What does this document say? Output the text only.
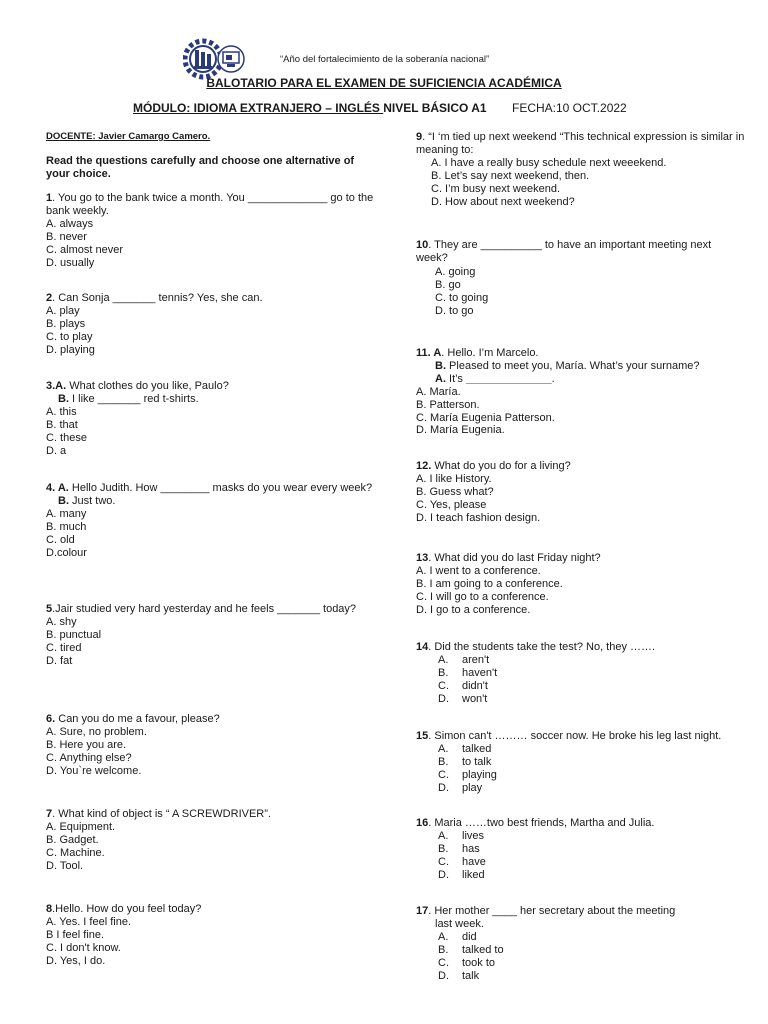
“Año del fortalecimiento de la soberanía nacional”
BALOTARIO PARA EL EXAMEN DE SUFICIENCIA ACADÉMICA
MÓDULO: IDIOMA EXTRANJERO – INGLÉS NIVEL BÁSICO A1 FECHA:10 OCT.2022
DOCENTE: Javier Camargo Camero.
Read the questions carefully and choose one alternative of your choice.
1. You go to the bank twice a month. You _____________ go to the bank weekly.
A. always
B. never
C. almost never
D. usually
2. Can Sonja _______ tennis? Yes, she can.
A. play
B. plays
C. to play
D. playing
3.A. What clothes do you like, Paulo?
B. I like _______ red t-shirts.
A. this
B. that
C. these
D. a
4. A. Hello Judith. How ________ masks do you wear every week?
B. Just two.
A. many
B. much
C. old
D.colour
5.Jair studied very hard yesterday and he feels _______ today?
A. shy
B. punctual
C. tired
D. fat
6. Can you do me a favour, please?
A. Sure, no problem.
B. Here you are.
C. Anything else?
D. You`re welcome.
7. What kind of object is “ A SCREWDRIVER”.
A. Equipment.
B. Gadget.
C. Machine.
D. Tool.
8.Hello. How do you feel today?
A. Yes. I feel fine.
B I feel fine.
C. I don't know.
D. Yes, I do.
9. “I ‘m tied up next weekend “This technical expression is similar in meaning to:
A. I have a really busy schedule next weeekend.
B. Let’s say next weekend, then.
C. I’m busy next weekend.
D. How about next weekend?
10. They are __________ to have an important meeting next week?
A. going
B. go
C. to going
D. to go
11. A. Hello. I’m Marcelo.
B. Pleased to meet you, María. What’s your surname?
A. It’s ______________.
A. María.
B. Patterson.
C. María Eugenia Patterson.
D. María Eugenia.
12. What do you do for a living?
A. I like History.
B. Guess what?
C. Yes, please
D. I teach fashion design.
13. What did you do last Friday night?
A. I went to a conference.
B. I am going to a conference.
C. I will go to a conference.
D. I go to a conference.
14. Did the students take the test? No, they …….
A. aren't
B. haven't
C. didn't
D. won't
15. Simon can't ……… soccer now. He broke his leg last night.
A. talked
B. to talk
C. playing
D. play
16. Maria ……two best friends, Martha and Julia.
A. lives
B. has
C. have
D. liked
17. Her mother ____ her secretary about the meeting
last week.
A. did
B. talked to
C. took to
D. talk
